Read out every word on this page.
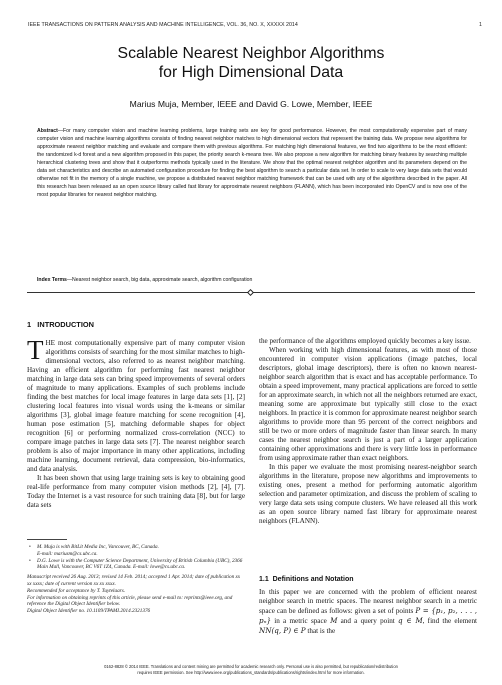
IEEE TRANSACTIONS ON PATTERN ANALYSIS AND MACHINE INTELLIGENCE, VOL. 36, NO. X, XXXXX 2014	1
Scalable Nearest Neighbor Algorithms
for High Dimensional Data
Marius Muja, Member, IEEE and David G. Lowe, Member, IEEE
Abstract—For many computer vision and machine learning problems, large training sets are key for good performance. However, the most computationally expensive part of many computer vision and machine learning algorithms consists of finding nearest neighbor matches to high dimensional vectors that represent the training data. We propose new algorithms for approximate nearest neighbor matching and evaluate and compare them with previous algorithms. For matching high dimensional features, we find two algorithms to be the most efficient: the randomized k-d forest and a new algorithm proposed in this paper, the priority search k-means tree. We also propose a new algorithm for matching binary features by searching multiple hierarchical clustering trees and show that it outperforms methods typically used in the literature. We show that the optimal nearest neighbor algorithm and its parameters depend on the data set characteristics and describe an automated configuration procedure for finding the best algorithm to search a particular data set. In order to scale to very large data sets that would otherwise not fit in the memory of a single machine, we propose a distributed nearest neighbor matching framework that can be used with any of the algorithms described in the paper. All this research has been released as an open source library called fast library for approximate nearest neighbors (FLANN), which has been incorporated into OpenCV and is now one of the most popular libraries for nearest neighbor matching.
Index Terms—Nearest neighbor search, big data, approximate search, algorithm configuration
1 INTRODUCTION

THE most computationally expensive part of many computer vision algorithms consists of searching for the most similar matches to high-dimensional vectors, also referred to as nearest neighbor matching. Having an efficient algorithm for performing fast nearest neighbor matching in large data sets can bring speed improvements of several orders of magnitude to many applications. Examples of such problems include finding the best matches for local image features in large data sets [1], [2] clustering local features into visual words using the k-means or similar algorithms [3], global image feature matching for scene recognition [4], human pose estimation [5], matching deformable shapes for object recognition [6] or performing normalized cross-correlation (NCC) to compare image patches in large data sets [7]. The nearest neighbor search problem is also of major importance in many other applications, including machine learning, document retrieval, data compression, bio-informatics, and data analysis.

It has been shown that using large training sets is key to obtaining good real-life performance from many computer vision methods [2], [4], [7]. Today the Internet is a vast resource for such training data [8], but for large data sets

• M. Muja is with BitLit Media Inc, Vancouver, BC, Canada.
E-mail: mariusm@cs.ubc.ca.
• D.G. Lowe is with the Computer Science Department, University of British Columbia (UBC), 2366 Main Mall, Vancouver, BC V6T 1Z4, Canada. E-mail: lowe@cs.ubc.ca.
Manuscript received 26 Aug. 2013; revised 14 Feb. 2014; accepted 1 Apr. 2014; date of publication xx xx xxxx; date of current version xx xx xxxx.
Recommended for acceptance by T. Tuytelaars.
For information on obtaining reprints of this article, please send e-mail to: reprints@ieee.org, and reference the Digital Object Identifier below.
Digital Object Identifier no. 10.1109/TPAMI.2014.2321376

the performance of the algorithms employed quickly becomes a key issue.

When working with high dimensional features, as with most of those encountered in computer vision applications (image patches, local descriptors, global image descriptors), there is often no known nearest-neighbor search algorithm that is exact and has acceptable performance. To obtain a speed improvement, many practical applications are forced to settle for an approximate search, in which not all the neighbors returned are exact, meaning some are approximate but typically still close to the exact neighbors. In practice it is common for approximate nearest neighbor search algorithms to provide more than 95 percent of the correct neighbors and still be two or more orders of magnitude faster than linear search. In many cases the nearest neighbor search is just a part of a larger application containing other approximations and there is very little loss in performance from using approximate rather than exact neighbors.

In this paper we evaluate the most promising nearest-neighbor search algorithms in the literature, propose new algorithms and improvements to existing ones, present a method for performing automatic algorithm selection and parameter optimization, and discuss the problem of scaling to very large data sets using compute clusters. We have released all this work as an open source library named fast library for approximate nearest neighbors (FLANN).

1.1 Definitions and Notation
In this paper we are concerned with the problem of efficient nearest neighbor search in metric spaces. The nearest neighbor search in a metric space can be defined as follows: given a set of points P = {p₁, p₂, . . . , pₙ} in a metric space M and a query point q ∈ M, find the element NN(q, P) ∈ P that is the
0162-8828 © 2014 IEEE. Translations and content mining are permitted for academic research only. Personal use is also permitted, but republication/redistribution
requires IEEE permission. See http://www.ieee.org/publications_standards/publications/rights/index.html for more information.
